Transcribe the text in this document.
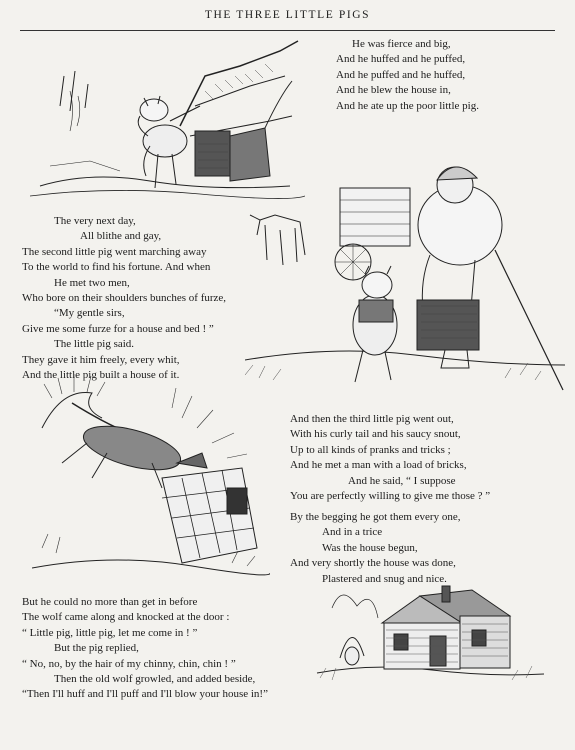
THE THREE LITTLE PIGS
He was fierce and big,
And he huffed and he puffed,
And he puffed and he huffed,
And he blew the house in,
And he ate up the poor little pig.
The very next day,
All blithe and gay,
The second little pig went marching away
To the world to find his fortune. And when
He met two men,
Who bore on their shoulders bunches of furze,
“My gentle sirs,
Give me some furze for a house and bed ! ”
The little pig said.
They gave it him freely, every whit,
And the little pig built a house of it.
And then the third little pig went out,
With his curly tail and his saucy snout,
Up to all kinds of pranks and tricks ;
And he met a man with a load of bricks,
And he said, “ I suppose
You are perfectly willing to give me those ? ”
By the begging he got them every one,
And in a trice
Was the house begun,
And very shortly the house was done,
Plastered and snug and nice.
But he could no more than get in before
The wolf came along and knocked at the door :
“ Little pig, little pig, let me come in ! ”
But the pig replied,
“ No, no, by the hair of my chinny, chin, chin ! ”
Then the old wolf growled, and added beside,
“Then I'll huff and I'll puff and I'll blow your house in!”
